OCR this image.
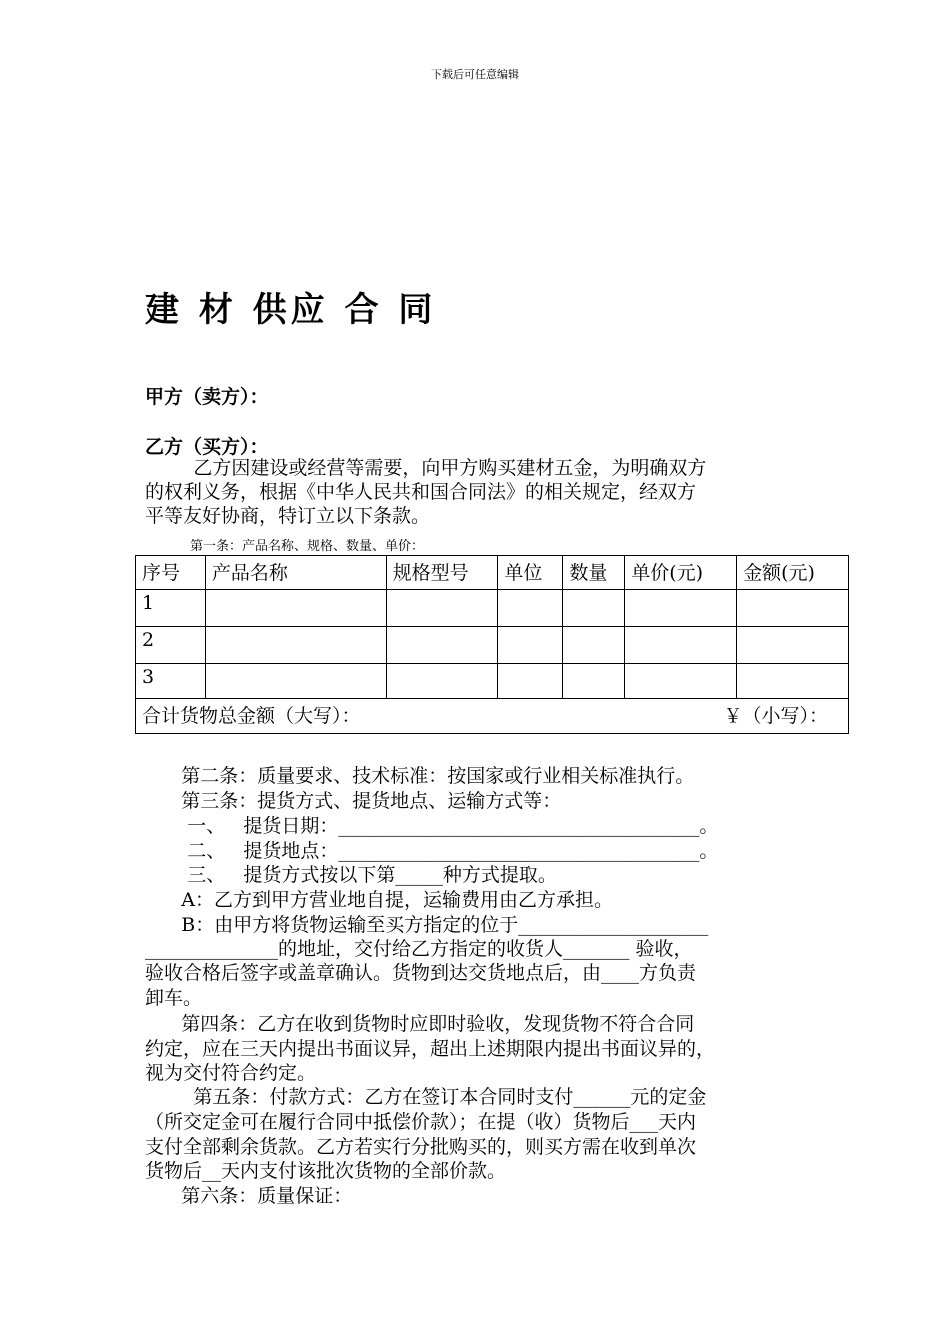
下载后可任意编辑
建 材 供应 合 同
甲方（卖方）：
乙方（买方）：
乙方因建设或经营等需要，向甲方购买建材五金，为明确双方
的权利义务，根据《中华人民共和国合同法》的相关规定，经双方
平等友好协商，特订立以下条款。
第一条：产品名称、规格、数量、单价：
序号	产品名称	规格型号	单位	数量	单价(元)	金额(元)
1						
2						
3						

合计货物总金额（大写）： ￥（小写）：						
第二条：质量要求、技术标准：按国家或行业相关标准执行。
第三条：提货方式、提货地点、运输方式等：
一、   提货日期：______________________________________。
二、   提货地点：______________________________________。
三、   提货方式按以下第_____种方式提取。
A：乙方到甲方营业地自提，运输费用由乙方承担。
B：由甲方将货物运输至买方指定的位于____________________
______________的地址，交付给乙方指定的收货人_______ 验收，
验收合格后签字或盖章确认。货物到达交货地点后，由____方负责
卸车。
第四条：乙方在收到货物时应即时验收，发现货物不符合合同
约定，应在三天内提出书面议异，超出上述期限内提出书面议异的，
视为交付符合约定。
第五条：付款方式：乙方在签订本合同时支付______元的定金
（所交定金可在履行合同中抵偿价款）；在提（收）货物后___天内
支付全部剩余货款。乙方若实行分批购买的，则买方需在收到单次
货物后__天内支付该批次货物的全部价款。
第六条：质量保证：
